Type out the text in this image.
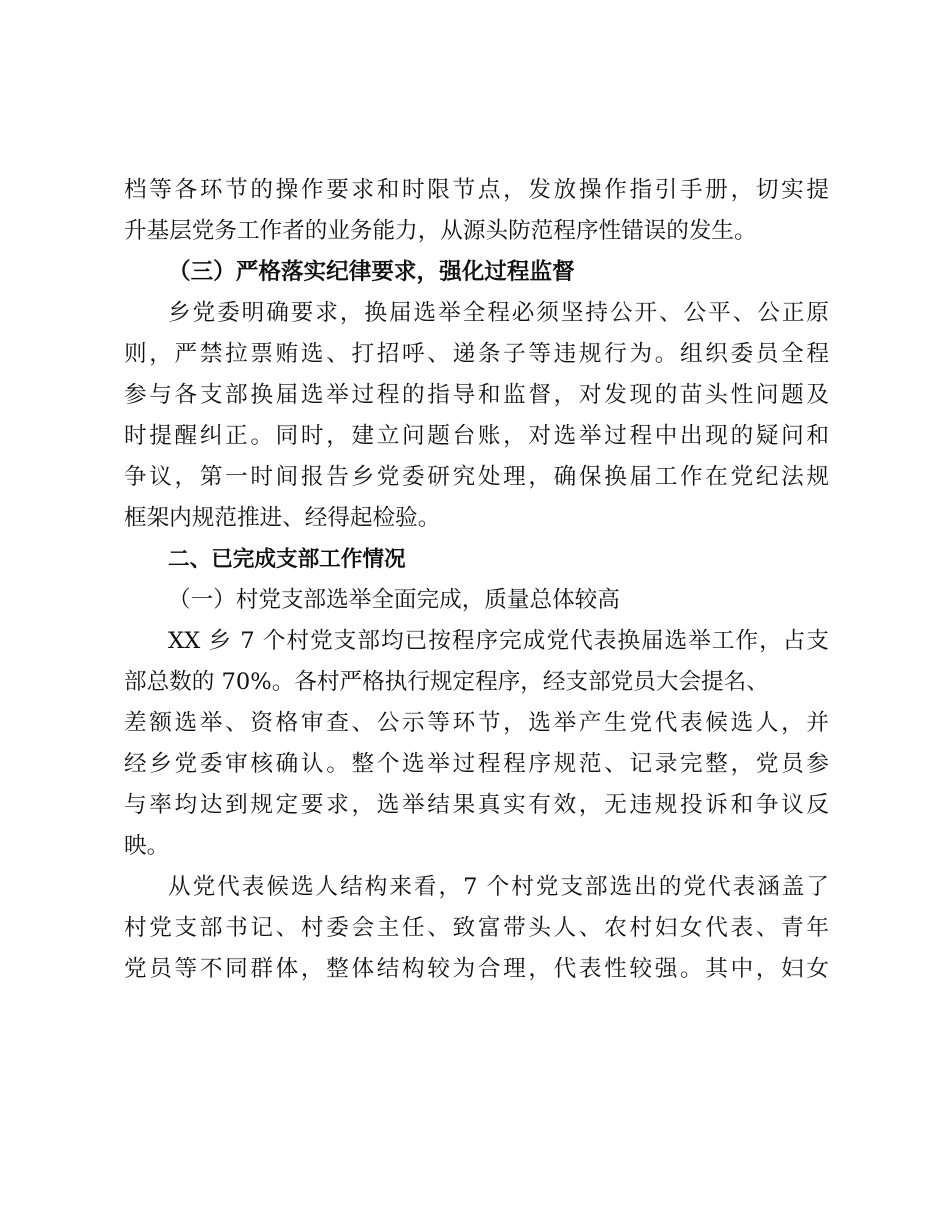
档等各环节的操作要求和时限节点，发放操作指引手册，切实提
升基层党务工作者的业务能力，从源头防范程序性错误的发生。
（三）严格落实纪律要求，强化过程监督
乡党委明确要求，换届选举全程必须坚持公开、公平、公正原
则，严禁拉票贿选、打招呼、递条子等违规行为。组织委员全程
参与各支部换届选举过程的指导和监督，对发现的苗头性问题及
时提醒纠正。同时，建立问题台账，对选举过程中出现的疑问和
争议，第一时间报告乡党委研究处理，确保换届工作在党纪法规
框架内规范推进、经得起检验。
二、已完成支部工作情况
（一）村党支部选举全面完成，质量总体较高
XX 乡 7 个村党支部均已按程序完成党代表换届选举工作，占支
部总数的 70%。各村严格执行规定程序，经支部党员大会提名、
差额选举、资格审查、公示等环节，选举产生党代表候选人，并
经乡党委审核确认。整个选举过程程序规范、记录完整，党员参
与率均达到规定要求，选举结果真实有效，无违规投诉和争议反
映。
从党代表候选人结构来看，7 个村党支部选出的党代表涵盖了
村党支部书记、村委会主任、致富带头人、农村妇女代表、青年
党员等不同群体，整体结构较为合理，代表性较强。其中，妇女
